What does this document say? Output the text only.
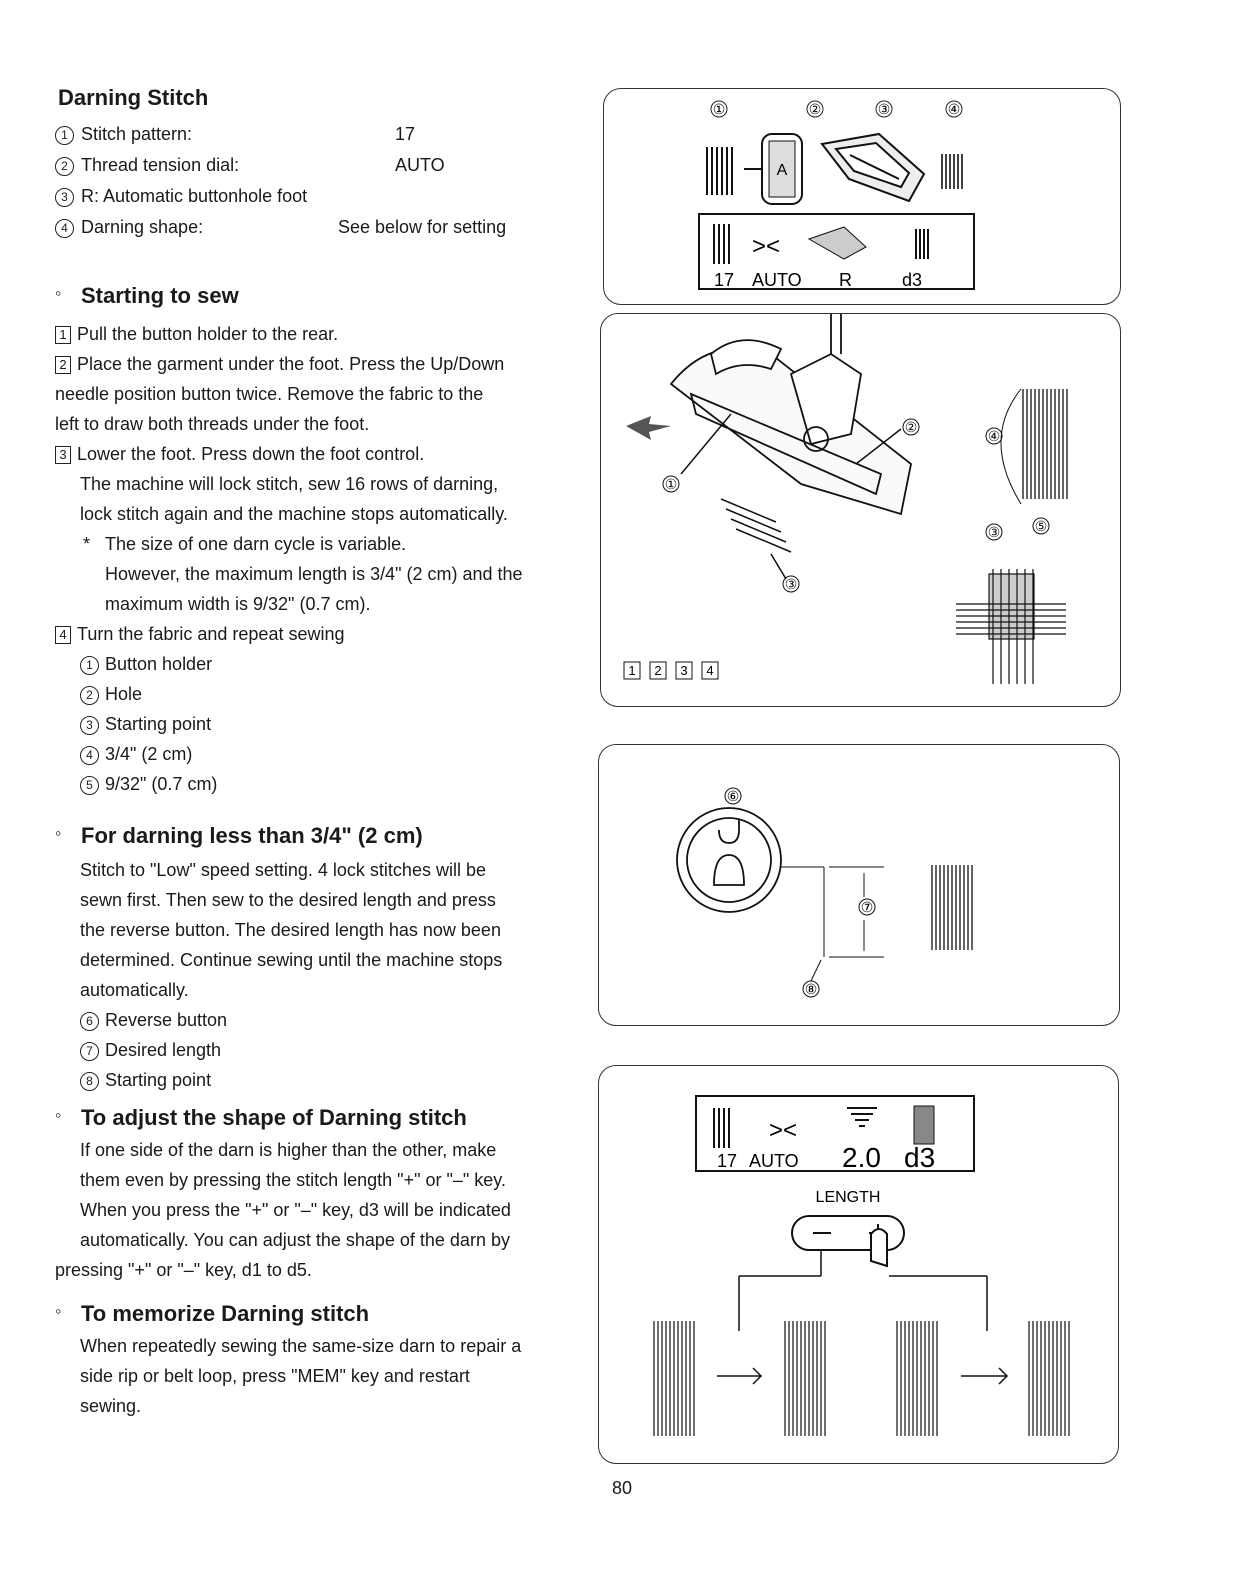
Darning Stitch
1 Stitch pattern:	17
2 Thread tension dial:	AUTO
3 R: Automatic buttonhole foot
4 Darning shape:	See below for setting
◦ Starting to sew
1 Pull the button holder to the rear.
2 Place the garment under the foot. Press the Up/Down
needle position button twice. Remove the fabric to the
left to draw both threads under the foot.
3 Lower the foot. Press down the foot control.
The machine will lock stitch, sew 16 rows of darning,
lock stitch again and the machine stops automatically.
* The size of one darn cycle is variable.
However, the maximum length is 3/4" (2 cm) and the
maximum width is 9/32" (0.7 cm).
4 Turn the fabric and repeat sewing
1 Button holder
2 Hole
3 Starting point
4 3/4" (2 cm)
5 9/32" (0.7 cm)
◦ For darning less than 3/4" (2 cm)
Stitch to "Low" speed setting. 4 lock stitches will be
sewn first. Then sew to the desired length and press
the reverse button. The desired length has now been
determined. Continue sewing until the machine stops
automatically.
6 Reverse button
7 Desired length
8 Starting point
◦ To adjust the shape of Darning stitch
If one side of the darn is higher than the other, make
them even by pressing the stitch length "+" or "–" key.
When you press the "+" or "–" key, d3 will be indicated
automatically. You can adjust the shape of the darn by
pressing "+" or "–" key, d1 to d5.
◦ To memorize Darning stitch
When repeatedly sewing the same-size darn to repair a
side rip or belt loop, press "MEM" key and restart
sewing.
①	②	③	④
A
><
17 AUTO R	d3
①
②
③
④
③ ⑤
1 2 3 4
⑥
⑦
⑧
><
17 AUTO 2.0 d3
LENGTH
80
